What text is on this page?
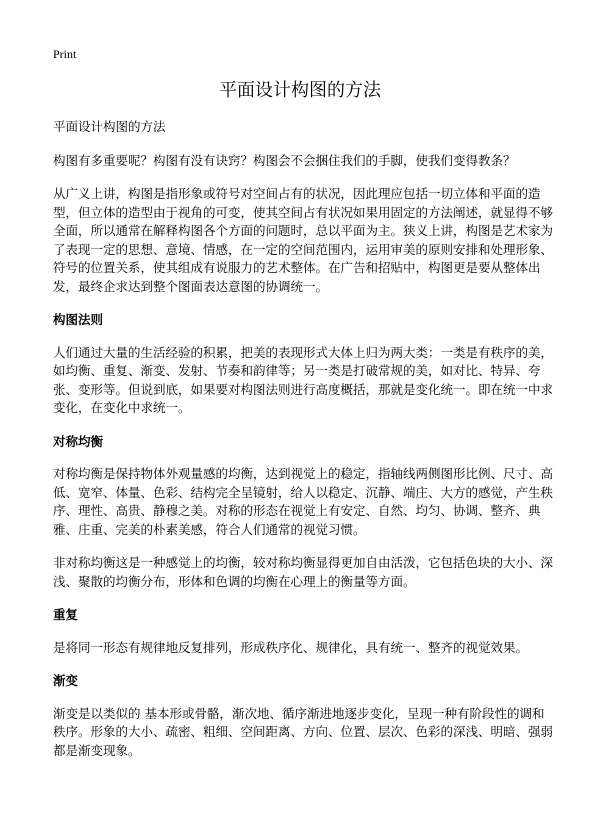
Print
平面设计构图的方法

平面设计构图的方法

构图有多重要呢？构图有没有诀窍？构图会不会捆住我们的手脚，使我们变得教条？

从广义上讲，构图是指形象或符号对空间占有的状况，因此理应包括一切立体和平面的造型，但立体的造型由于视角的可变，使其空间占有状况如果用固定的方法阐述，就显得不够全面，所以通常在解释构图各个方面的问题时，总以平面为主。狭义上讲，构图是艺术家为了表现一定的思想、意境、情感，在一定的空间范围内，运用审美的原则安排和处理形象、符号的位置关系，使其组成有说服力的艺术整体。在广告和招贴中，构图更是要从整体出发，最终企求达到整个图面表达意图的协调统一。

构图法则

人们通过大量的生活经验的积累，把美的表现形式大体上归为两大类：一类是有秩序的美，如均衡、重复、渐变、发射、节奏和韵律等；另一类是打破常规的美，如对比、特异、夸张、变形等。但说到底，如果要对构图法则进行高度概括，那就是变化统一。即在统一中求变化，在变化中求统一。

对称均衡

对称均衡是保持物体外观量感的均衡，达到视觉上的稳定，指轴线两侧图形比例、尺寸、高低、宽窄、体量、色彩、结构完全呈镜射，给人以稳定、沉静、端庄、大方的感觉，产生秩序、理性、高贵、静穆之美。对称的形态在视觉上有安定、自然、均匀、协调、整齐、典雅、庄重、完美的朴素美感，符合人们通常的视觉习惯。

非对称均衡这是一种感觉上的均衡，较对称均衡显得更加自由活泼，它包括色块的大小、深浅、聚散的均衡分布，形体和色调的均衡在心理上的衡量等方面。

重复

是将同一形态有规律地反复排列，形成秩序化、规律化，具有统一、整齐的视觉效果。

渐变

渐变是以类似的 基本形或骨骼，渐次地、循序渐进地逐步变化，呈现一种有阶段性的调和秩序。形象的大小、疏密、粗细、空间距离、方向、位置、层次、色彩的深浅、明暗、强弱都是渐变现象。
